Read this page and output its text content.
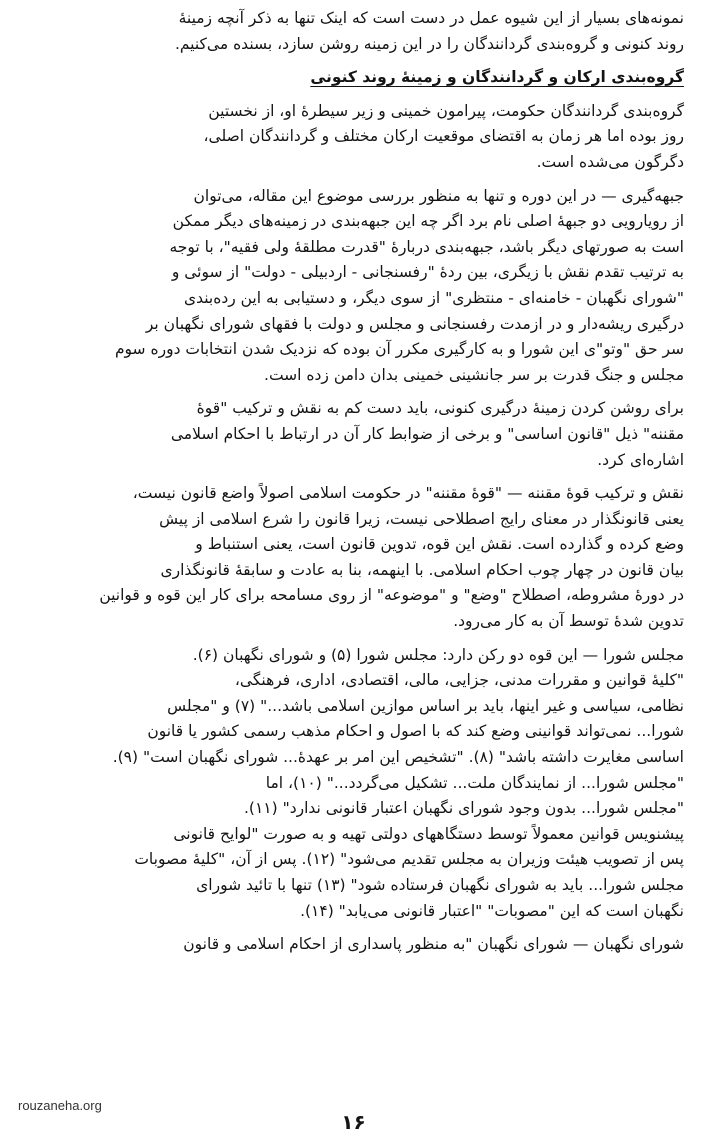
نمونه‌های بسیار از این شیوه عمل در دست است که اینک تنها به ذکر آنچه زمینه‌ٔ
روند کنونی و گروه‌بندی گردانندگان را در این زمینه روشن سازد، بسنده می‌کنیم.
گروه‌بندی ارکان و گردانندگان و زمینه‌ٔ روند کنونی
گروه‌بندی گردانندگان حکومت، پیرامون خمینی و زیر سیطره‌ٔ او، از نخستین
روز بوده اما هر زمان به اقتضای موقعیت ارکان مختلف و گردانندگان اصلی،
دگرگون می‌شده است.
جبهه‌گیری — در این دوره و تنها به منظور بررسی موضوع این مقاله، می‌توان
از رویارویی دو جبههٔ اصلی نام برد اگر چه این جبهه‌بندی در زمینه‌های دیگر ممکن
است به صورتهای دیگر باشد، جبهه‌بندی درباره‌ٔ "قدرت مطلقه‌ٔ ولی فقیه"، با توجه
به ترتیب تقدم نقش با زیگری، بین رده‌ٔ "رفسنجانی - اردبیلی - دولت" از سوئی و
"شورای نگهبان - خامنه‌ای - منتظری" از سوی دیگر، و دستیابی به این رده‌بندی
درگیری ریشه‌دار و در ازمدت رفسنجانی و مجلس و دولت با فقهای شورای نگهبان بر
سر حق "وتو"ی این شورا و به کارگیری مکرر آن بوده که نزدیک شدن انتخابات دوره سوم
مجلس و جنگ قدرت بر سر جانشینی خمینی بدان دامن زده است.
برای روشن کردن زمینه‌ٔ درگیری کنونی، باید دست کم به نقش و ترکیب "قوه‌ٔ
مقننه" ذیل "قانون اساسی" و برخی از ضوابط کار آن در ارتباط با احکام اسلامی
اشاره‌ای کرد.
نقش و ترکیب قوه‌ٔ مقننه — "قوه‌ٔ مقننه" در حکومت اسلامی اصولاً واضع قانون نیست،
یعنی قانونگذار در معنای رایج اصطلاحی نیست، زیرا قانون را شرع اسلامی از پیش
وضع کرده و گذارده است. نقش این قوه، تدوین قانون است، یعنی استنباط و
بیان قانون در چهار چوب احکام اسلامی. با اینهمه، بنا به عادت و سابقه‌ٔ قانونگذاری
در دوره‌ٔ مشروطه، اصطلاح "وضع" و "موضوعه" از روی مسامحه برای کار این قوه و قوانین
تدوین شده‌ٔ توسط آن به کار می‌رود.
مجلس شورا — این قوه دو رکن دارد: مجلس شورا (۵) و شورای نگهبان (۶).
"کلیه‌ٔ قوانین و مقررات مدنی، جزایی، مالی، اقتصادی، اداری، فرهنگی،
نظامی، سیاسی و غیر اینها، باید بر اساس موازین اسلامی باشد..." (۷) و "مجلس
شورا... نمی‌تواند قوانینی وضع کند که با اصول و احکام مذهب رسمی کشور یا قانون
اساسی مغایرت داشته باشد" (۸). "تشخیص این امر بر عهده‌ٔ... شورای نگهبان است" (۹).
"مجلس شورا... از نمایندگان ملت... تشکیل می‌گردد..." (۱۰)، اما
"مجلس شورا... بدون وجود شورای نگهبان اعتبار قانونی ندارد" (۱۱).
پیشنویس قوانین معمولاً توسط دستگاههای دولتی تهیه و به صورت "لوایح قانونی
پس از تصویب هیئت وزیران به مجلس تقدیم می‌شود" (۱۲). پس از آن، "کلیه‌ٔ مصوبات
مجلس شورا... باید به شورای نگهبان فرستاده شود" (۱۳) تنها با تائید شورای
نگهبان است که این "مصوبات" "اعتبار قانونی می‌یابد" (۱۴).
شورای نگهبان — شورای نگهبان "به منظور پاسداری از احکام اسلامی و قانون
rouzaneha.org
١۶
